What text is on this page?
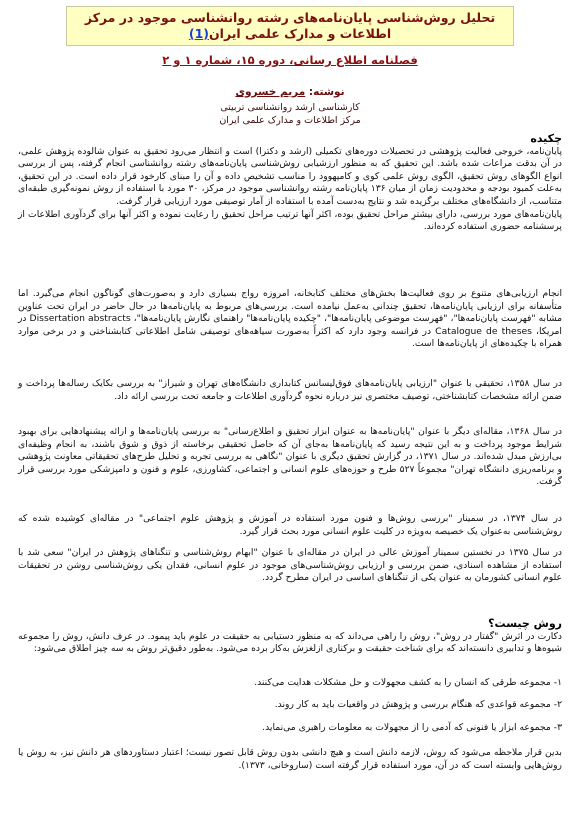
تحلیل روش‌شناسی پایان‌نامه‌های رشته روانشناسی موجود در مرکز
اطلاعات و مدارک علمی ایران(1)
فصلنامه اطلاع رسانی، دوره ۱۵، شماره ۱ و ۲
نوشته: مریم خسروی
کارشناسی ارشد روانشناسی تربیتی
مرکز اطلاعات و مدارک علمی ایران

چکیده

پایان‌نامه، خروجی فعالیت پژوهشی در تحصیلات دوره‌های تکمیلی (ارشد و دکترا) است و انتظار می‌رود تحقیق به عنوان شالوده پژوهش علمی، در آن بدقت مراعات شده باشد. این تحقیق که به منظور ارزشیابی روش‌شناسی پایان‌نامه‌های رشته روانشناسی انجام گرفته، پس از بررسی انواع الگوهای روش تحقیق، الگوی روش علمی کوی و کامپهوود را مناسب تشخیص داده و آن را مبنای کارخود قرار داده است. در این تحقیق، به‌علت کمبود بودجه و محدودیت زمان از میان ۱۳۶ پایان‌نامه رشته روانشناسی موجود در مرکز، ۳۰ مورد با استفاده از روش نمونه‌گیری طبقه‌ای متناسب، از دانشگاه‌های مختلف برگزیده شد و نتایج به‌دست آمده با استفاده از آمار توصیفی مورد ارزیابی قرار گرفت.

پایان‌نامه‌های مورد بررسی، دارای بیشترِ مراحل تحقیق بوده، اکثر آنها ترتیب مراحل تحقیق را رعایت نموده و اکثر آنها برای گردآوری اطلاعات از پرسشنامه حضوری استفاده کرده‌اند.

انجام ارزیابی‌های متنوع بر روی فعالیت‌ها بخش‌های مختلف کتابخانه، امروزه رواج بسیاری دارد و به‌صورت‌های گوناگون انجام می‌گیرد. اما متأسفانه برای ارزیابی پایان‌نامه‌ها، تحقیق چندانی به‌عمل نیامده است. بررسی‌های مربوط به پایان‌نامه‌ها در حال حاضر در ایران تحت عناوین مشابه "فهرست پایان‌نامه‌ها"، "فهرست موضوعی پایان‌نامه‌ها"، "چکیده پایان‌نامه‌ها" راهنمای نگارش پایان‌نامه‌ها"، Dissertation abstracts در امریکا، Catalogue de theses در فرانسه وجود دارد که اکثراً به‌صورت سیاهه‌های توصیفی شامل اطلاعاتی کتابشناختی و در برخی موارد همراه با چکیده‌های از پایان‌نامه‌ها است.
در سال ۱۳۵۸، تحقیقی با عنوان "ارزیابی پایان‌نامه‌های فوق‌لیسانس کتابداری دانشگاه‌های تهران و شیراز" به بررسی بکایک رساله‌ها پرداخت و ضمن ارائه مشخصات کتابشناختی، توصیف مختصری نیز درباره نحوه گردآوری اطلاعات و جامعه تحت بررسی ارائه داد.
در سال ۱۳۶۸، مقاله‌ای دیگر با عنوان "پایان‌نامه‌ها به عنوان ابزار تحقیق و اطلاع‌رسانی" به بررسی پایان‌نامه‌ها و ارائه پیشنهادهایی برای بهبود شرایط موجود پرداخت و به این نتیجه رسید که پایان‌نامه‌ها به‌جای آن که حاصل تحقیقی برخاسته از ذوق و شوق باشند، به انجام وظیفه‌ای بی‌ارزش مبدل شده‌اند. در سال ۱۳۷۱، در گزارش تحقیق دیگری با عنوان "نگاهی به بررسی تجربه و تحلیل طرح‌های تحقیقاتی معاونت پژوهشی و برنامه‌ریزی دانشگاه تهران" مجموعاً ۵۲۷ طرح و حوزه‌های علوم انسانی و اجتماعی، کشاورزی، علوم و فنون و دامپزشکی مورد بررسی قرار گرفت.
در سال ۱۳۷۴، در سمینار "بررسی روش‌ها و فنون مورد استفاده در آموزش و پژوهش علوم اجتماعی" در مقاله‌ای کوشیده شده که روش‌شناسی به‌عنوان یک خصیصه‌ به‌ویژه در کلیت علوم انسانی مورد بحث قرار گیرد.
در سال ۱۳۷۵ در نخستین سمینار آموزش عالی در ایران در مقاله‌ای با عنوان "ابهام روش‌شناسی و تنگناهای پژوهش در ایران" سعی شد با استفاده از مشاهده اسنادی، ضمن بررسی و ارزیابی روش‌شناسی‌های موجود در علوم انسانی، فقدان یکی روش‌شناسی روشن در تحقیقات علوم انسانی کشورمان به عنوان یکی از تنگناهای اساسی در ایران مطرح گردد.

روش چیست؟

دکارت در اثرش "گفتار در روش"، روش را راهی می‌داند که به منظور دستیابی به حقیقت در علوم باید پیمود. در عرف دانش، روش را مجموعه شیوه‌ها و تدابیری دانسته‌اند که برای شناخت حقیقت و برکناری ازلغزش به‌کار برده می‌شود. به‌طور دقیق‌تر روش به سه چیز اطلاق می‌شود:

۱- مجموعه‌ طرقی که انسان را به کشف مجهولات و حل مشکلات هدایت می‌کنند.
۲- مجموعه‌ قواعدی که هنگام بررسی و پژوهش در واقعیات باید به کار روند.
۳- مجموعه ابزار یا فنونی که آدمی را از مجهولات به معلومات راهبری می‌نماید.
بدین قرار ملاحظه می‌شود که روش، لازمه دانش است و هیچ دانشی بدون روش قابل تصور نیست؛ اعتبار دستاوردهای هر دانش نیز، به روش یا روش‌هایی وابسته است که در آن، مورد استفاده قرار گرفته است (ساروخانی، ۱۳۷۳).
